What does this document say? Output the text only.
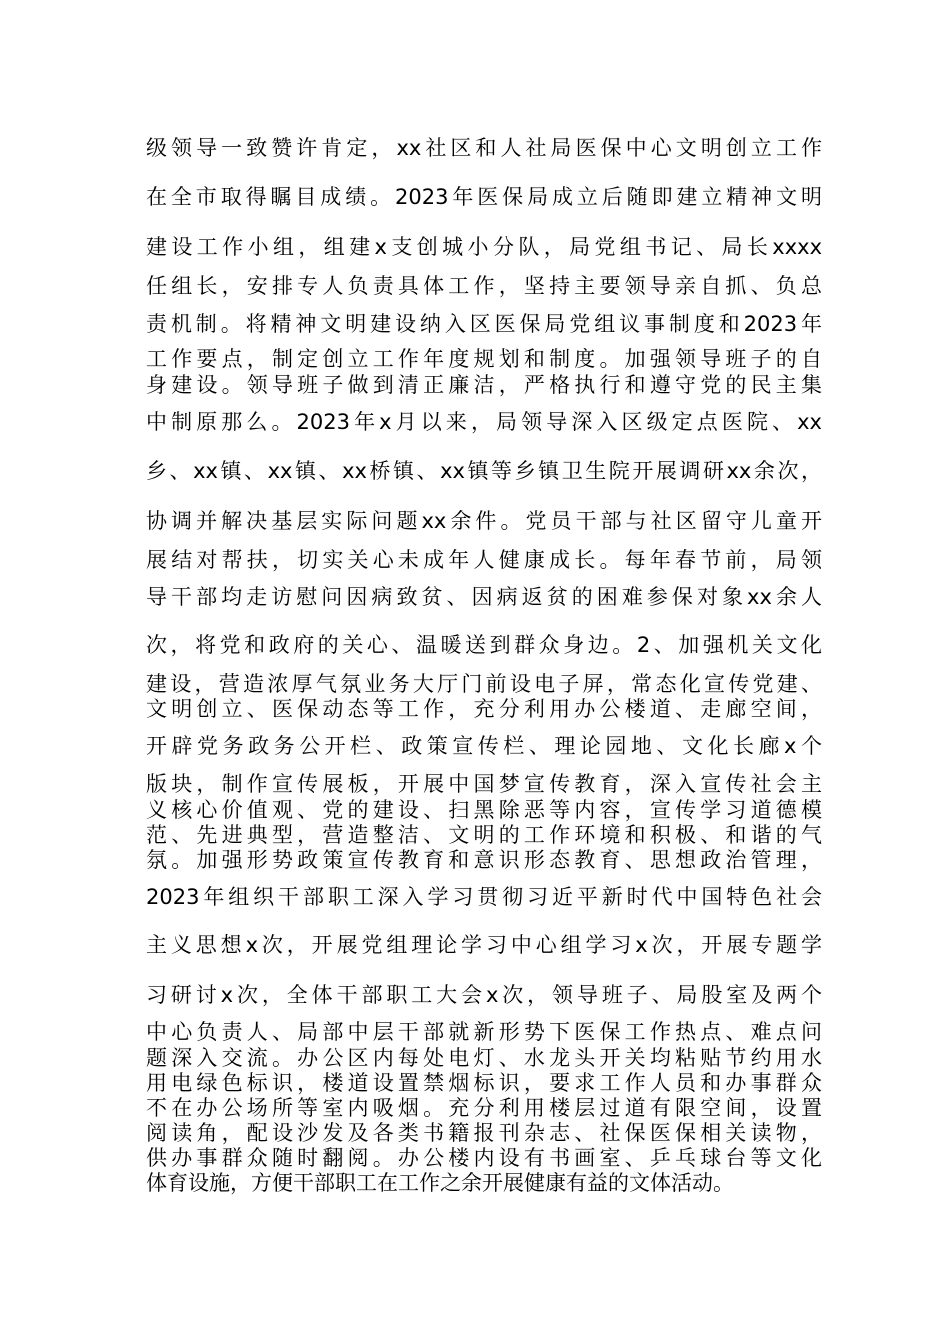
级领导一致赞许肯定，xx社区和人社局医保中心文明创立工作
在全市取得瞩目成绩。2023年医保局成立后随即建立精神文明
建设工作小组，组建x支创城小分队，局党组书记、局长xxxx
任组长，安排专人负责具体工作，坚持主要领导亲自抓、负总
责机制。将精神文明建设纳入区医保局党组议事制度和2023年
工作要点，制定创立工作年度规划和制度。加强领导班子的自
身建设。领导班子做到清正廉洁，严格执行和遵守党的民主集
中制原那么。2023年x月以来，局领导深入区级定点医院、xx
乡、xx镇、xx镇、xx桥镇、xx镇等乡镇卫生院开展调研xx余次，
协调并解决基层实际问题xx余件。党员干部与社区留守儿童开
展结对帮扶，切实关心未成年人健康成长。每年春节前，局领
导干部均走访慰问因病致贫、因病返贫的困难参保对象xx余人
次，将党和政府的关心、温暖送到群众身边。2、加强机关文化
建设，营造浓厚气氛业务大厅门前设电子屏，常态化宣传党建、
文明创立、医保动态等工作，充分利用办公楼道、走廊空间，
开辟党务政务公开栏、政策宣传栏、理论园地、文化长廊x个
版块，制作宣传展板，开展中国梦宣传教育，深入宣传社会主
义核心价值观、党的建设、扫黑除恶等内容，宣传学习道德模
范、先进典型，营造整洁、文明的工作环境和积极、和谐的气
氛。加强形势政策宣传教育和意识形态教育、思想政治管理，
2023年组织干部职工深入学习贯彻习近平新时代中国特色社会
主义思想x次，开展党组理论学习中心组学习x次，开展专题学
习研讨x次，全体干部职工大会x次，领导班子、局股室及两个
中心负责人、局部中层干部就新形势下医保工作热点、难点问
题深入交流。办公区内每处电灯、水龙头开关均粘贴节约用水
用电绿色标识，楼道设置禁烟标识，要求工作人员和办事群众
不在办公场所等室内吸烟。充分利用楼层过道有限空间，设置
阅读角，配设沙发及各类书籍报刊杂志、社保医保相关读物，
供办事群众随时翻阅。办公楼内设有书画室、乒乓球台等文化
体育设施，方便干部职工在工作之余开展健康有益的文体活动。
